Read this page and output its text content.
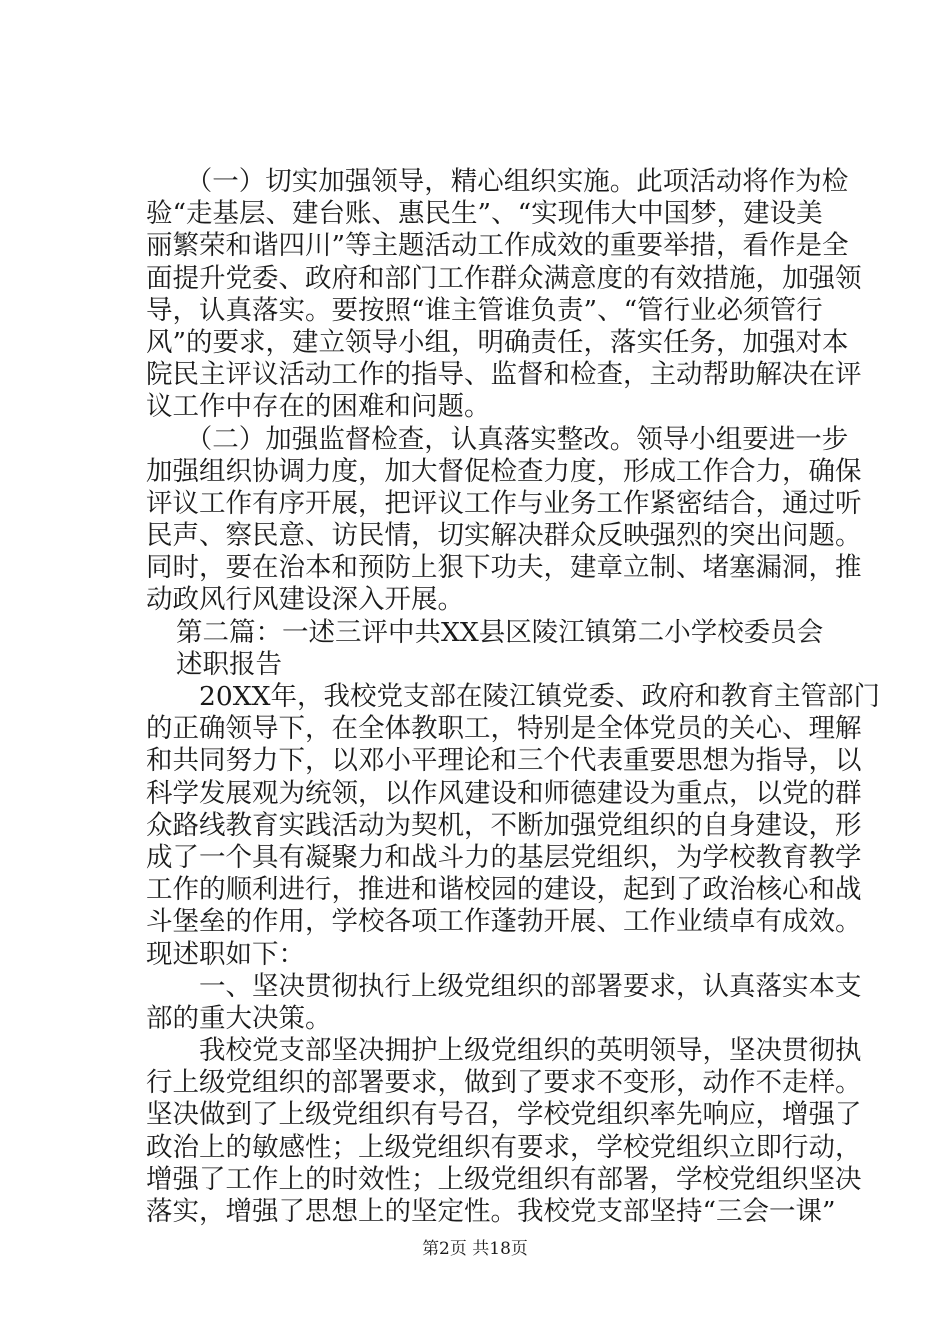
　　（一）切实加强领导，精心组织实施。此项活动将作为检
验“走基层、建台账、惠民生”、“实现伟大中国梦，建设美
丽繁荣和谐四川”等主题活动工作成效的重要举措，看作是全
面提升党委、政府和部门工作群众满意度的有效措施，加强领
导，认真落实。要按照“谁主管谁负责”、“管行业必须管行
风”的要求，建立领导小组，明确责任，落实任务，加强对本
院民主评议活动工作的指导、监督和检查，主动帮助解决在评
议工作中存在的困难和问题。
　　（二）加强监督检查，认真落实整改。领导小组要进一步
加强组织协调力度，加大督促检查力度，形成工作合力，确保
评议工作有序开展，把评议工作与业务工作紧密结合，通过听
民声、察民意、访民情，切实解决群众反映强烈的突出问题。
同时，要在治本和预防上狠下功夫，建章立制、堵塞漏洞，推
动政风行风建设深入开展。
第二篇：一述三评中共XX县区陵江镇第二小学校委员会
述职报告
　　20XX年，我校党支部在陵江镇党委、政府和教育主管部门
的正确领导下，在全体教职工，特别是全体党员的关心、理解
和共同努力下，以邓小平理论和三个代表重要思想为指导，以
科学发展观为统领，以作风建设和师德建设为重点，以党的群
众路线教育实践活动为契机，不断加强党组织的自身建设，形
成了一个具有凝聚力和战斗力的基层党组织，为学校教育教学
工作的顺利进行，推进和谐校园的建设，起到了政治核心和战
斗堡垒的作用，学校各项工作蓬勃开展、工作业绩卓有成效。
现述职如下：
　　一、坚决贯彻执行上级党组织的部署要求，认真落实本支
部的重大决策。
　　我校党支部坚决拥护上级党组织的英明领导，坚决贯彻执
行上级党组织的部署要求，做到了要求不变形，动作不走样。
坚决做到了上级党组织有号召，学校党组织率先响应，增强了
政治上的敏感性；上级党组织有要求，学校党组织立即行动，
增强了工作上的时效性；上级党组织有部署，学校党组织坚决
落实，增强了思想上的坚定性。我校党支部坚持“三会一课”
第2页 共18页
